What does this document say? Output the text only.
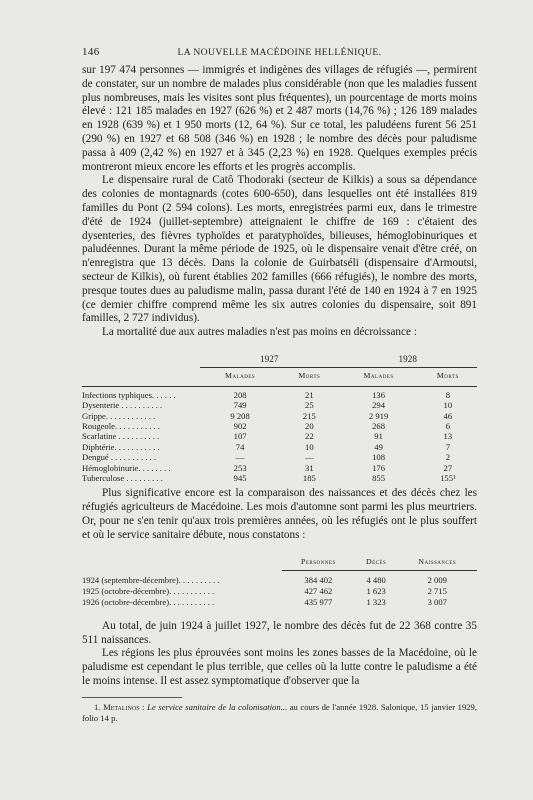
146	LA NOUVELLE MACÉDOINE HELLÉNIQUE.

sur 197 474 personnes — immigrés et indigènes des villages de réfugiés —, permirent de constater, sur un nombre de malades plus considérable (non que les maladies fussent plus nombreuses, mais les visites sont plus fréquentes), un pourcentage de morts moins élevé : 121 185 malades en 1927 (626 %) et 2 487 morts (14,76 %) ; 126 189 malades en 1928 (639 %) et 1 950 morts (12, 64 %). Sur ce total, les paludéens furent 56 251 (290 %) en 1927 et 68 508 (346 %) en 1928 ; le nombre des décès pour paludisme passa à 409 (2,42 %) en 1927 et à 345 (2,23 %) en 1928. Quelques exemples précis montreront mieux encore les efforts et les progrès accomplis.

Le dispensaire rural de Catô Thodoraki (secteur de Kilkis) a sous sa dépendance des colonies de montagnards (cotes 600-650), dans lesquelles ont été installées 819 familles du Pont (2 594 colons). Les morts, enregistrées parmi eux, dans le trimestre d'été de 1924 (juillet-septembre) atteignaient le chiffre de 169 : c'étaient des dysenteries, des fièvres typhoïdes et paratyphoïdes, bilieuses, hémoglobinuriques et paludéennes. Durant la même période de 1925, où le dispensaire venait d'être créé, on n'enregistra que 13 décès. Dans la colonie de Guirbatséli (dispensaire d'Armoutsi, secteur de Kilkis), où furent établies 202 familles (666 réfugiés), le nombre des morts, presque toutes dues au paludisme malin, passa durant l'été de 140 en 1924 à 7 en 1925 (ce dernier chiffre comprend même les six autres colonies du dispensaire, soit 891 familles, 2 727 individus).

La mortalité due aux autres maladies n'est pas moins en décroissance :

	1927		1928	

	Malades	Morts	Malades	Morts
Infections typhiques. . . . . .	208	21	136	8
Dysenterie . . . . . . . . . .	749	25	294	10
Grippe. . . . . . . . . . . .	9 208	215	2 919	46
Rougeole. . . . . . . . . . .	902	20	268	6
Scarlatine . . . . . . . . . .	107	22	91	13
Diphtérie. . . . . . . . . . .	74	10	49	7
Dengué . . . . . . . . . . .	—	—	108	2
Hémoglobinurie. . . . . . . .	253	31	176	27
Tuberculose . . . . . . . . .	945	185	855	155¹

Plus significative encore est la comparaison des naissances et des décès chez les réfugiés agriculteurs de Macédoine. Les mois d'automne sont parmi les plus meurtriers. Or, pour ne s'en tenir qu'aux trois premières années, où les réfugiés ont le plus souffert et où le service sanitaire débute, nous constatons :

	Personnes	Décès	Naissances
1924 (septembre-décembre). . . . . . . . . .	384 402	4 480	2 009
1925 (octobre-décembre). . . . . . . . . . .	427 462	1 623	2 715
1926 (octobre-décembre). . . . . . . . . . .	435 977	1 323	3 007

Au total, de juin 1924 à juillet 1927, le nombre des décès fut de 22 368 contre 35 511 naissances.

Les régions les plus éprouvées sont moins les zones basses de la Macédoine, où le paludisme est cependant le plus terrible, que celles où la lutte contre le paludisme a été le moins intense. Il est assez symptomatique d'observer que la

1. Metalinos : Le service sanitaire de la colonisation... au cours de l'année 1928. Salonique, 15 janvier 1929, folio 14 p.
